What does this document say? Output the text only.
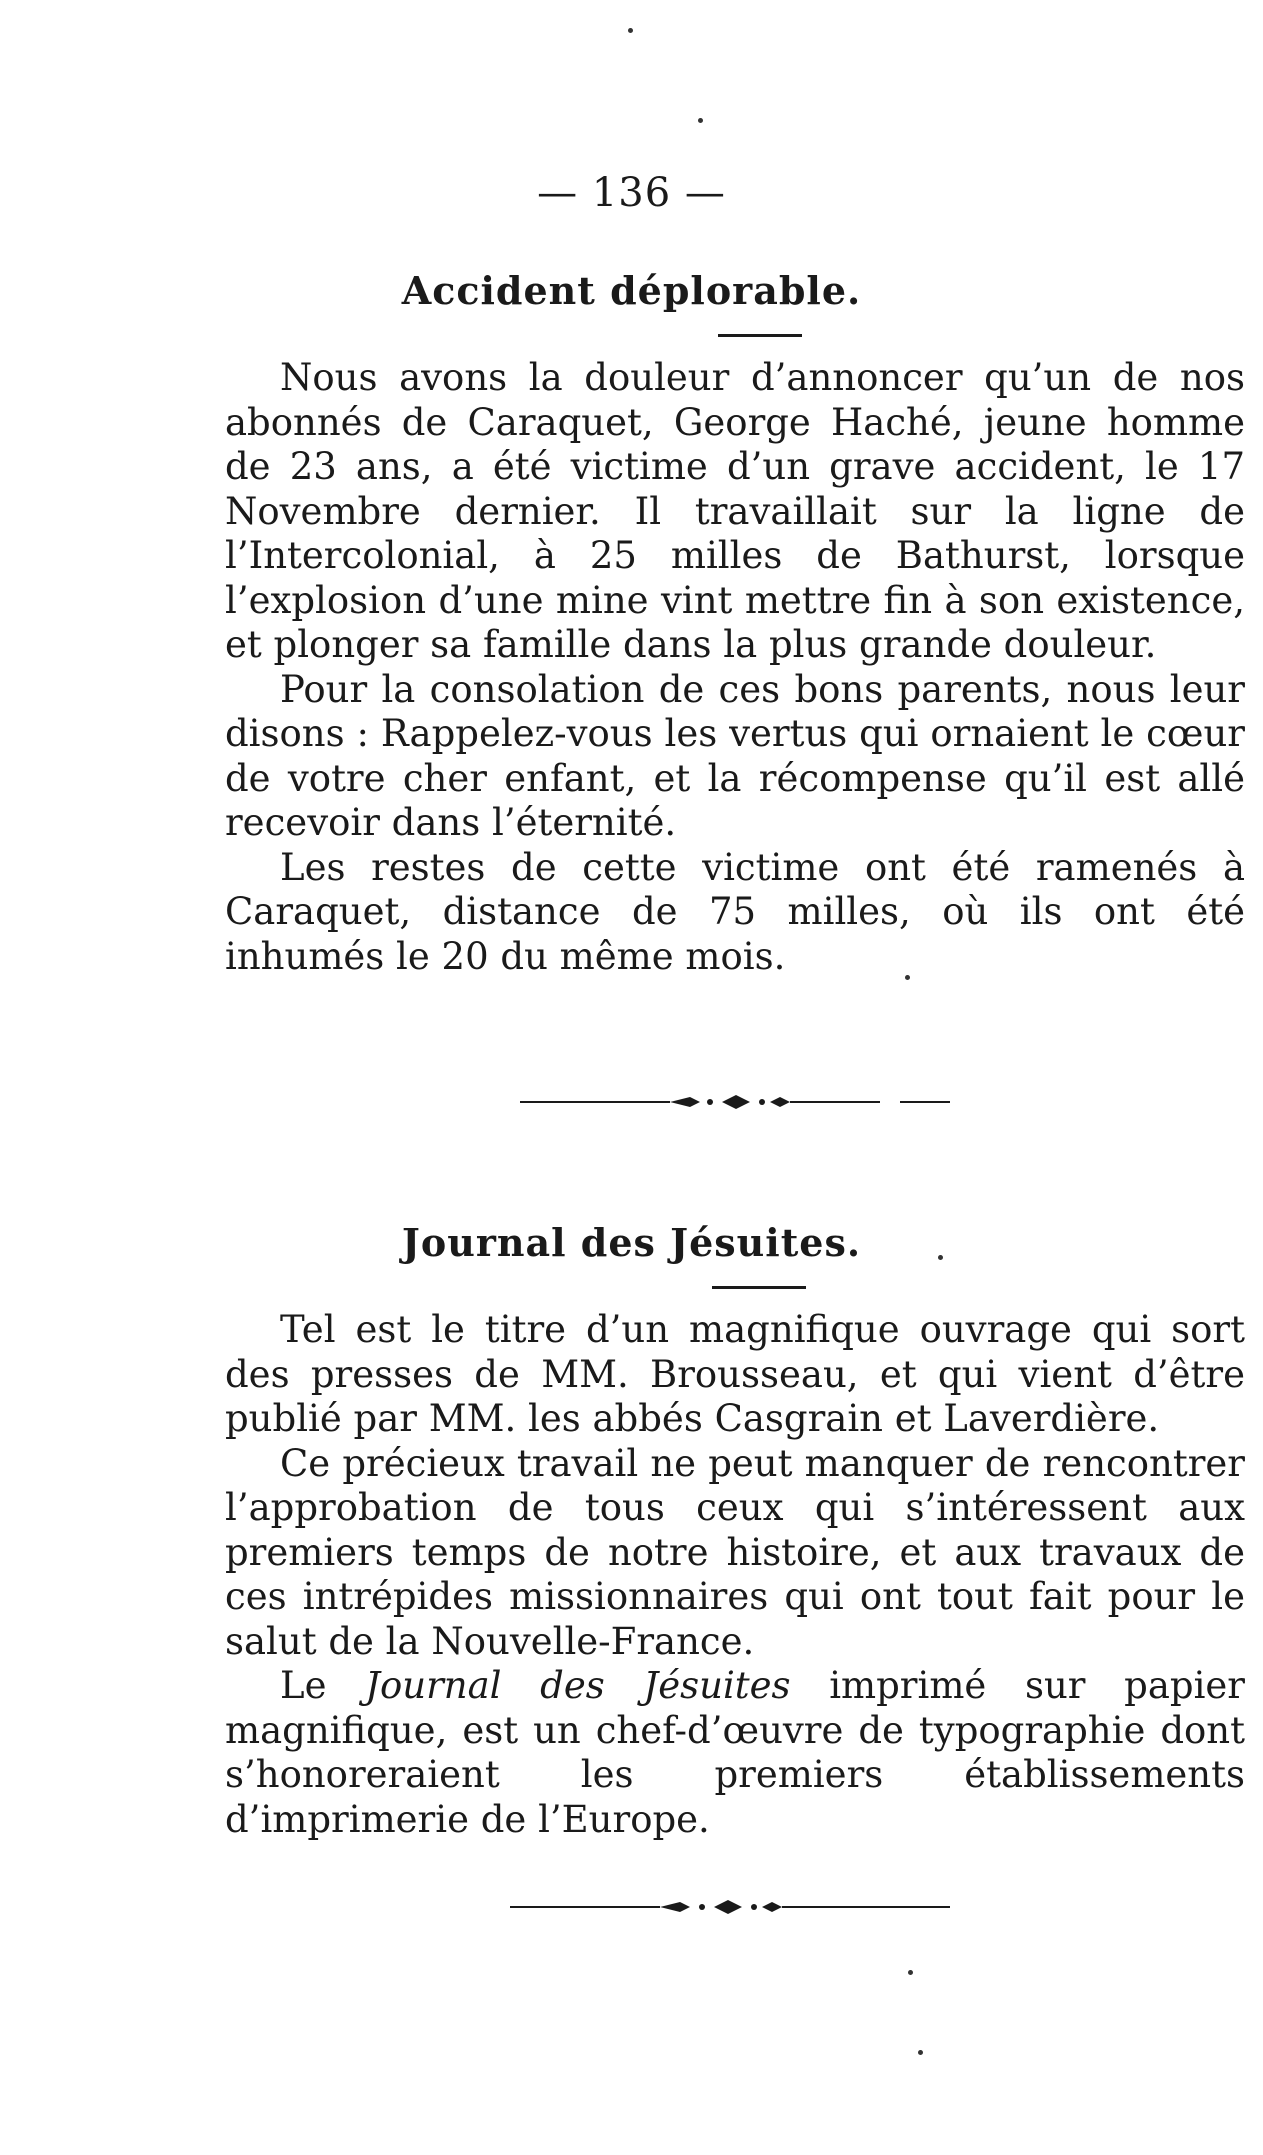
— 136 —
Accident déplorable.

Nous avons la douleur d’annoncer qu’un de nos abonnés de Caraquet, George Haché, jeune homme de 23 ans, a été victime d’un grave accident, le 17 Novembre dernier. Il travaillait sur la ligne de l’Intercolonial, à 25 milles de Bathurst, lorsque l’explosion d’une mine vint mettre fin à son existence, et plonger sa famille dans la plus grande douleur.

Pour la consolation de ces bons parents, nous leur disons : Rappelez-vous les vertus qui ornaient le cœur de votre cher enfant, et la récompense qu’il est allé recevoir dans l’éternité.

Les restes de cette victime ont été ramenés à Caraquet, distance de 75 milles, où ils ont été inhumés le 20 du même mois.

Journal des Jésuites.

Tel est le titre d’un magnifique ouvrage qui sort des presses de MM. Brousseau, et qui vient d’être publié par MM. les abbés Casgrain et Laverdière.

Ce précieux travail ne peut manquer de rencontrer l’approbation de tous ceux qui s’intéressent aux premiers temps de notre histoire, et aux travaux de ces intrépides missionnaires qui ont tout fait pour le salut de la Nouvelle-France.

Le Journal des Jésuites imprimé sur papier magnifique, est un chef-d’œuvre de typographie dont s’honoreraient les premiers établissements d’imprimerie de l’Europe.
